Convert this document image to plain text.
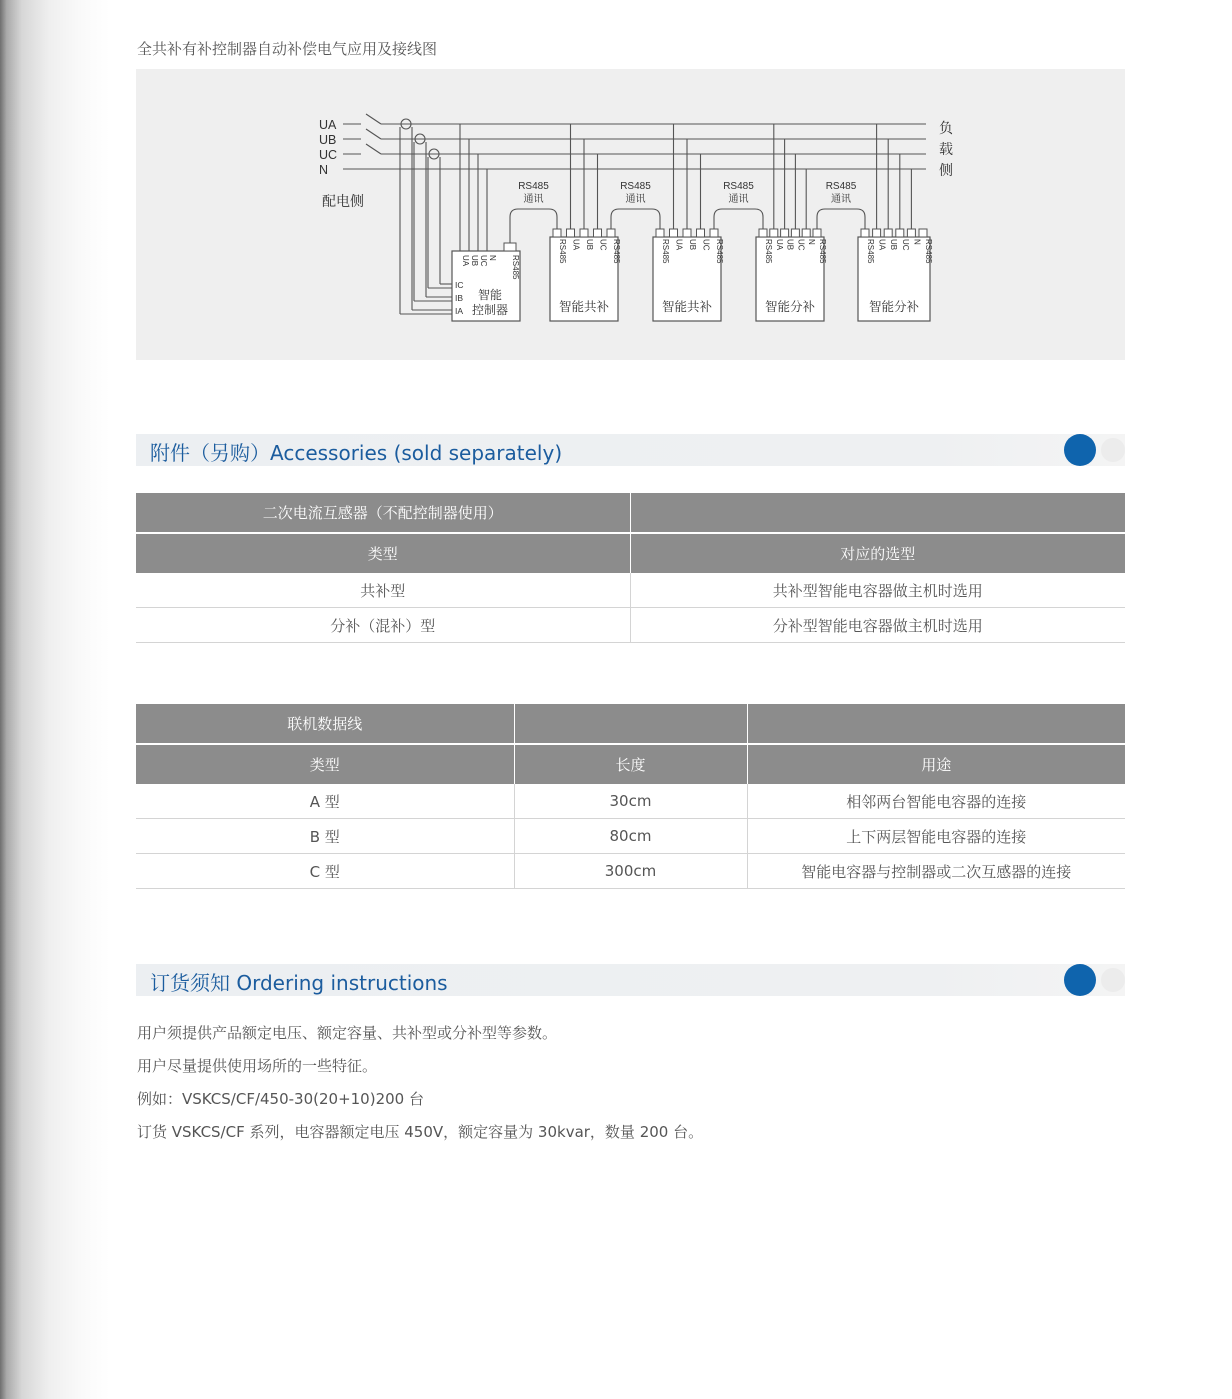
全共补有补控制器自动补偿电气应用及接线图
UA
UB
UC
N
配电侧
负
载
侧
UA UB UC N RS485
IC
IB
IA
智能
控制器
RS485 UA UB UC RS485
智能共补
RS485 UA UB UC RS485
智能共补
RS485 UA UB UC N RS485
智能分补
RS485 UA UB UC N RS485
智能分补
RS485
通讯
RS485
通讯
RS485
通讯
RS485
通讯
附件（另购）Accessories (sold separately)
二次电流互感器（不配控制器使用）	
类型	对应的选型
共补型	共补型智能电容器做主机时选用
分补（混补）型	分补型智能电容器做主机时选用
联机数据线		
类型	长度	用途
A 型	30cm	相邻两台智能电容器的连接
B 型	80cm	上下两层智能电容器的连接
C 型	300cm	智能电容器与控制器或二次互感器的连接
订货须知 Ordering instructions

用户须提供产品额定电压、额定容量、共补型或分补型等参数。

用户尽量提供使用场所的一些特征。

例如：VSKCS/CF/450-30(20+10)200 台

订货 VSKCS/CF 系列，电容器额定电压 450V，额定容量为 30kvar，数量 200 台。
